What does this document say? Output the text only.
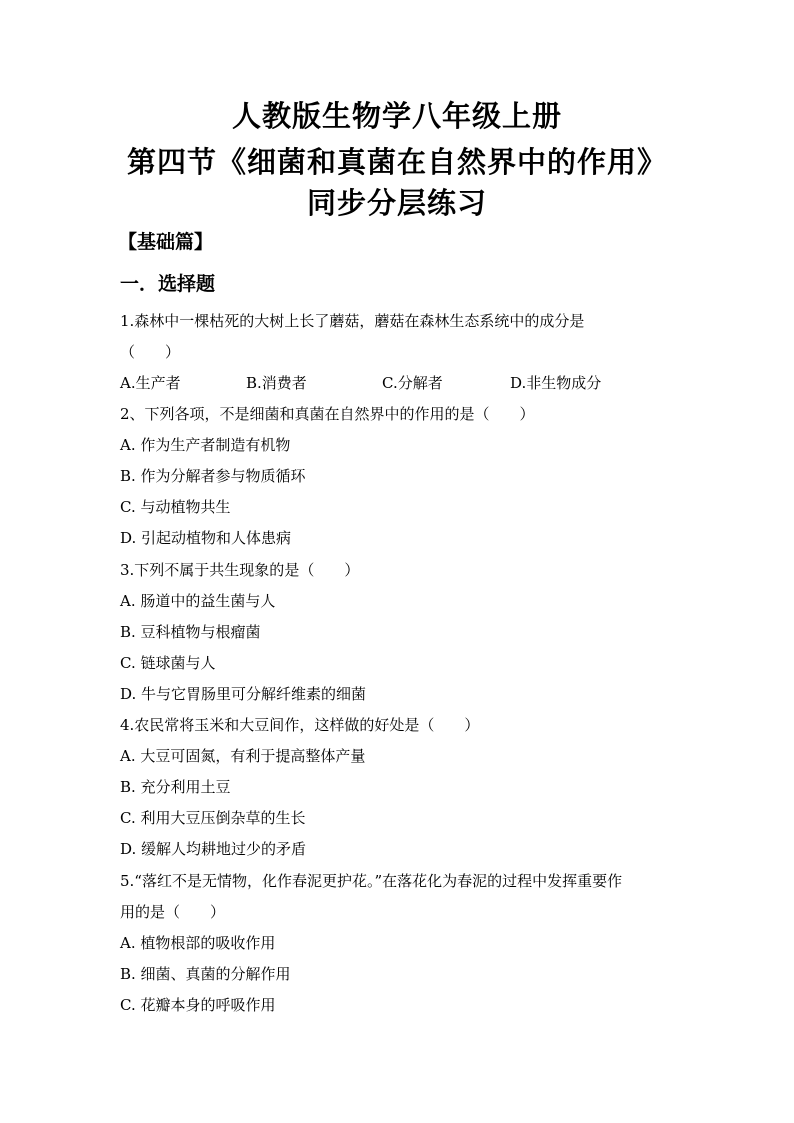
人教版生物学八年级上册
第四节《细菌和真菌在自然界中的作用》
同步分层练习
【基础篇】
一．选择题
1.森林中一棵枯死的大树上长了蘑菇，蘑菇在森林生态系统中的成分是
（　　）
A.生产者	B.消费者	C.分解者	D.非生物成分
2、下列各项，不是细菌和真菌在自然界中的作用的是（　　）
A. 作为生产者制造有机物
B. 作为分解者参与物质循环
C. 与动植物共生
D. 引起动植物和人体患病
3.下列不属于共生现象的是（　　）
A. 肠道中的益生菌与人
B. 豆科植物与根瘤菌
C. 链球菌与人
D. 牛与它胃肠里可分解纤维素的细菌
4.农民常将玉米和大豆间作，这样做的好处是（　　）
A. 大豆可固氮，有利于提高整体产量
B. 充分利用土豆
C. 利用大豆压倒杂草的生长
D. 缓解人均耕地过少的矛盾
5.“落红不是无情物，化作春泥更护花。”在落花化为春泥的过程中发挥重要作
用的是（　　）
A. 植物根部的吸收作用
B. 细菌、真菌的分解作用
C. 花瓣本身的呼吸作用
